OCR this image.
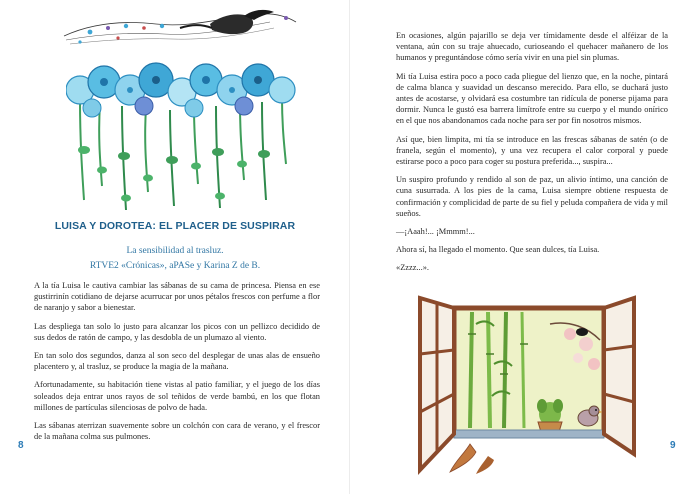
LUISA Y DOROTEA: EL PLACER DE SUSPIRAR

La sensibilidad al trasluz.
RTVE2 «Crónicas», aPASe y Karina Z de B.

A la tía Luisa le cautiva cambiar las sábanas de su cama de princesa. Piensa en ese gustirrinín cotidiano de dejarse acurrucar por unos pétalos frescos con perfume a flor de naranjo y sabor a bienestar.

Las despliega tan solo lo justo para alcanzar los picos con un pellizco decidido de sus dedos de ratón de campo, y las desdobla de un plumazo al viento.

En tan solo dos segundos, danza al son seco del desplegar de unas alas de ensueño placentero y, al trasluz, se produce la magia de la mañana.

Afortunadamente, su habitación tiene vistas al patio familiar, y el juego de los días soleados deja entrar unos rayos de sol teñidos de verde bambú, en los que flotan millones de partículas silenciosas de polvo de hada.

Las sábanas aterrizan suavemente sobre un colchón con cara de verano, y el frescor de la mañana colma sus pulmones.

8

En ocasiones, algún pajarillo se deja ver tímidamente desde el alféizar de la ventana, aún con su traje ahuecado, curioseando el quehacer mañanero de los humanos y preguntándose cómo sería vivir en una piel sin plumas.

Mi tía Luisa estira poco a poco cada pliegue del lienzo que, en la noche, pintará de calma blanca y suavidad un descanso merecido. Para ello, se duchará justo antes de acostarse, y olvidará esa costumbre tan ridícula de ponerse pijama para dormir. Nunca le gustó esa barrera limítrofe entre su cuerpo y el mundo onírico en el que nos abandonamos cada noche para ser por fin nosotros mismos.

Así que, bien limpita, mi tía se introduce en las frescas sábanas de satén (o de franela, según el momento), y una vez recupera el calor corporal y puede estirarse poco a poco para coger su postura preferida..., suspira...

Un suspiro profundo y rendido al son de paz, un alivio íntimo, una canción de cuna susurrada. A los pies de la cama, Luisa siempre obtiene respuesta de confirmación y complicidad de parte de su fiel y peluda compañera de vida y mil sueños.

—¡Aaah!... ¡Mmmm!...

Ahora sí, ha llegado el momento. Que sean dulces, tía Luisa.

«Zzzz...».

9
